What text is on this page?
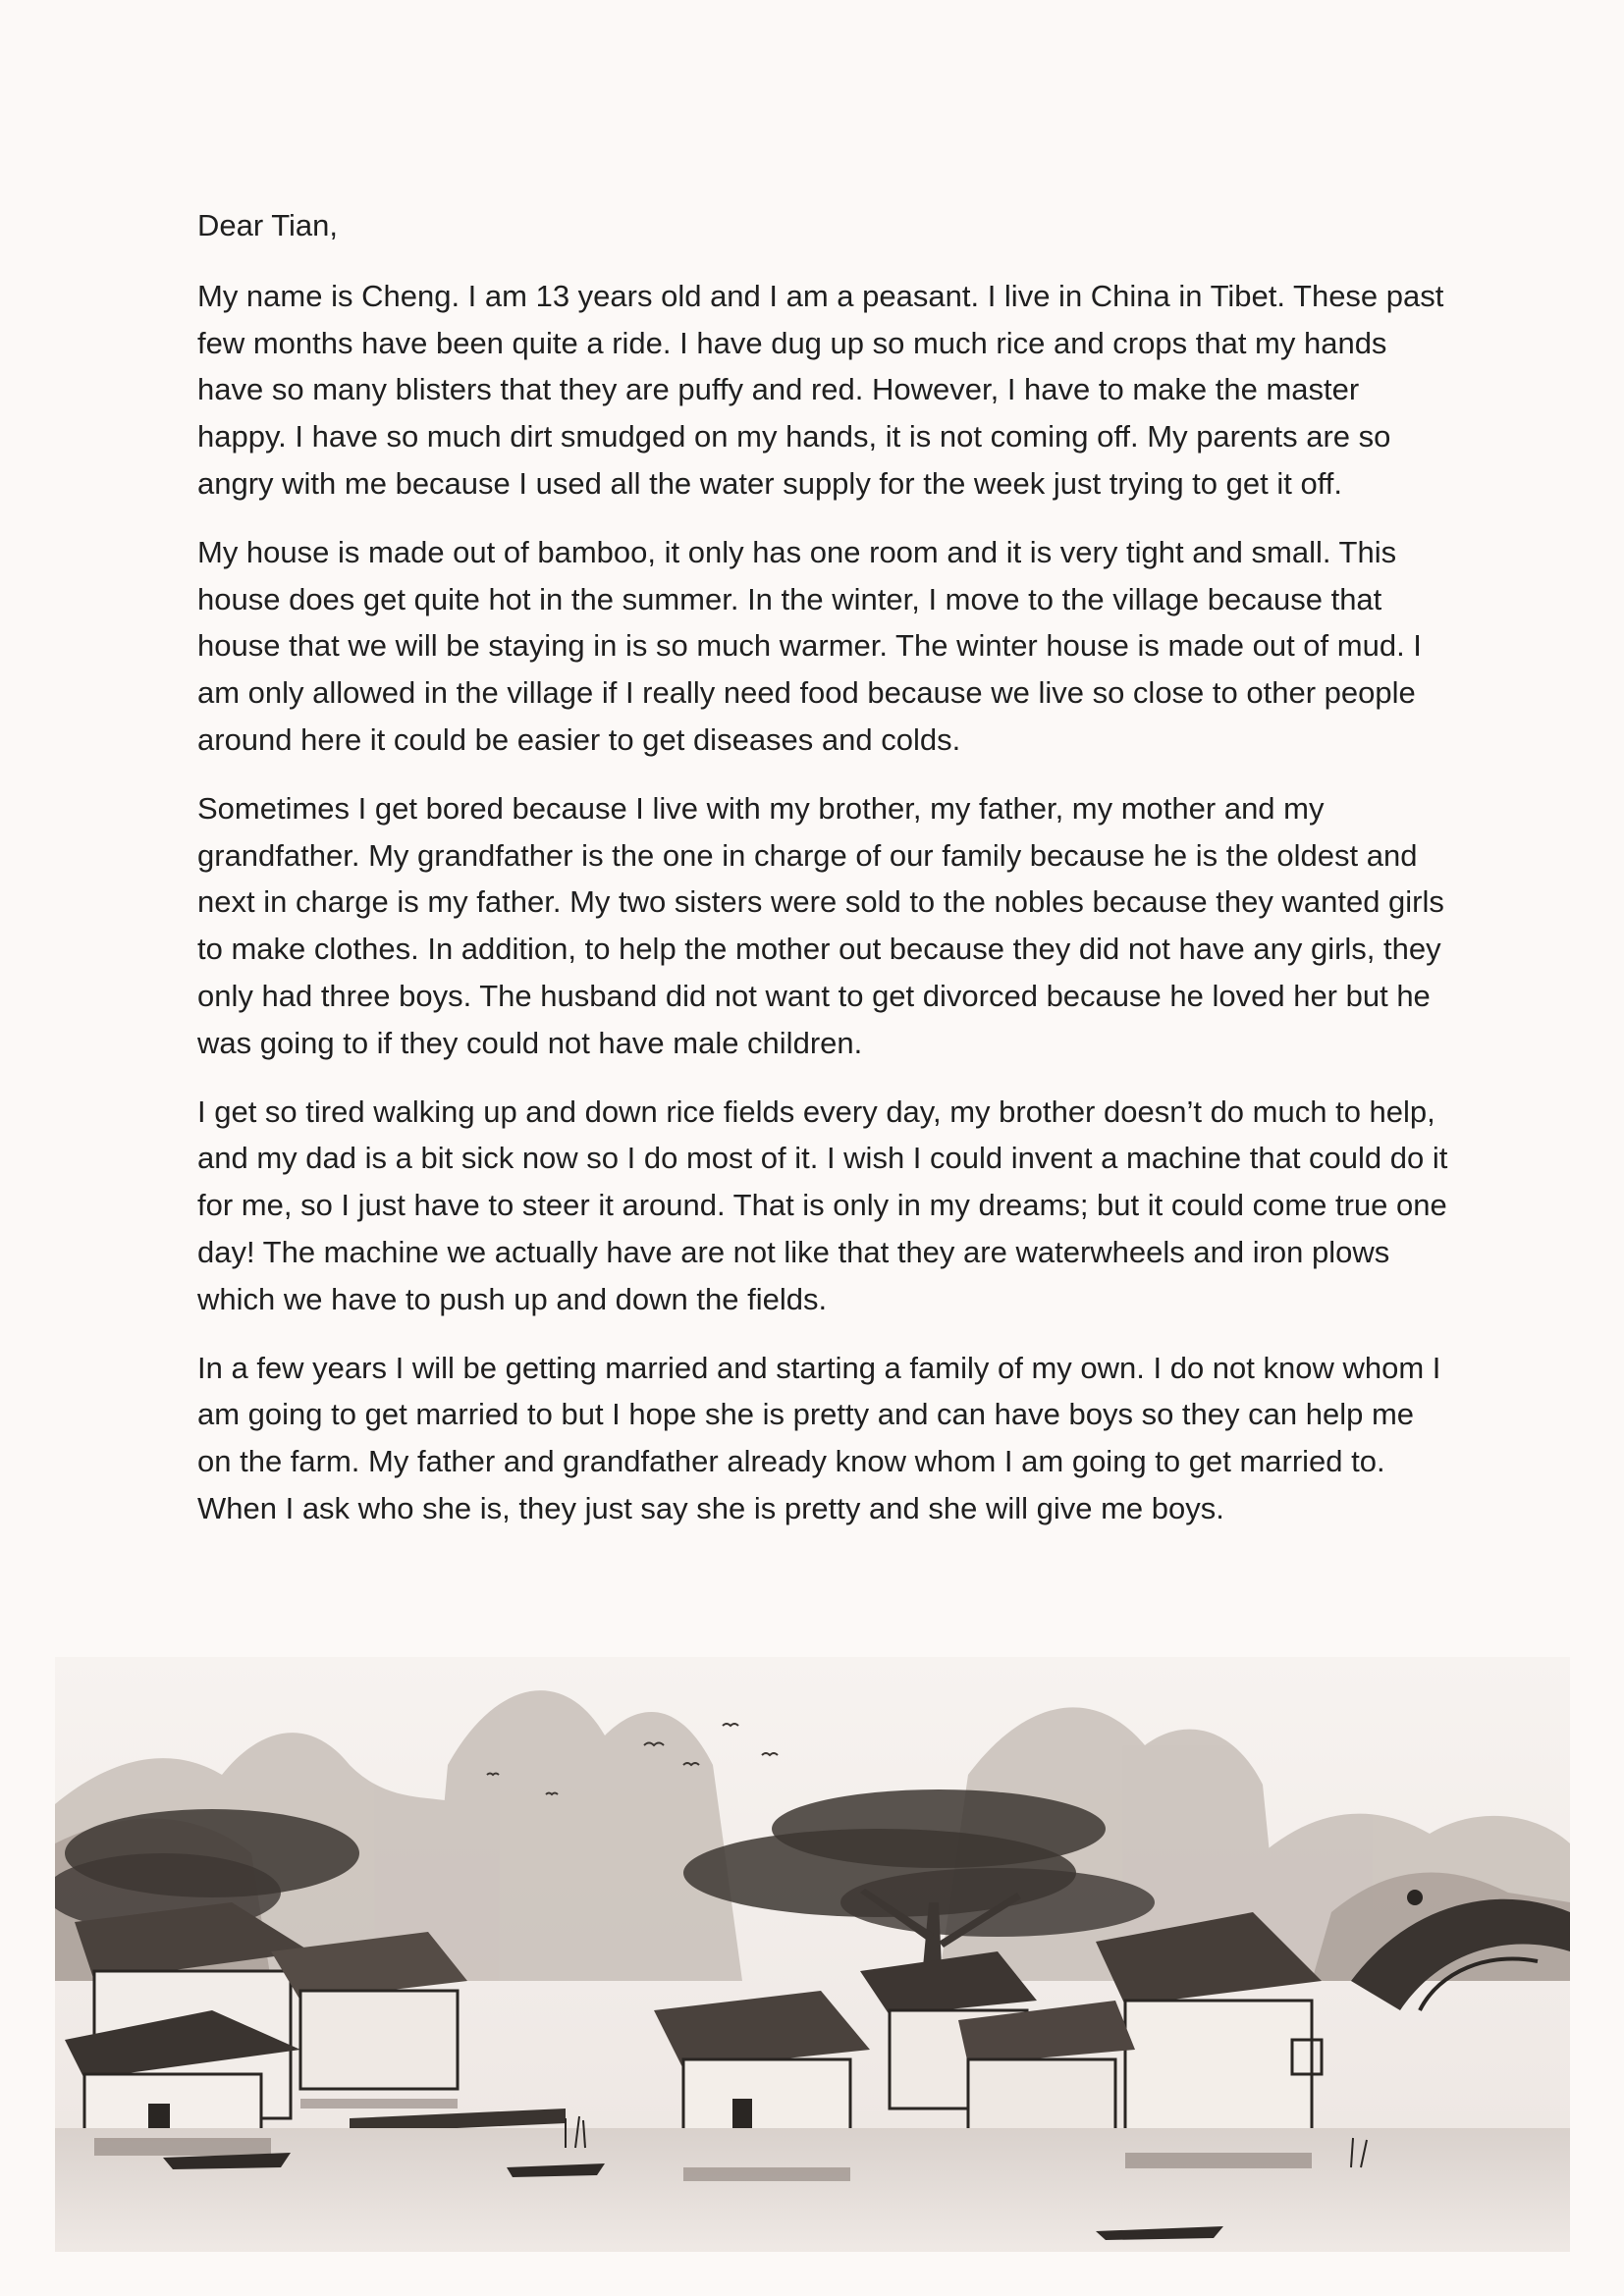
Dear Tian,

My name is Cheng. I am 13 years old and I am a peasant. I live in China in Tibet. These past few months have been quite a ride. I have dug up so much rice and crops that my hands have so many blisters that they are puffy and red. However, I have to make the master happy. I have so much dirt smudged on my hands, it is not coming off. My parents are so angry with me because I used all the water supply for the week just trying to get it off.

My house is made out of bamboo, it only has one room and it is very tight and small. This house does get quite hot in the summer. In the winter, I move to the village because that house that we will be staying in is so much warmer. The winter house is made out of mud. I am only allowed in the village if I really need food because we live so close to other people around here it could be easier to get diseases and colds.

Sometimes I get bored because I live with my brother, my father, my mother and my grandfather. My grandfather is the one in charge of our family because he is the oldest and next in charge is my father. My two sisters were sold to the nobles because they wanted girls to make clothes. In addition, to help the mother out because they did not have any girls, they only had three boys. The husband did not want to get divorced because he loved her but he was going to if they could not have male children.

I get so tired walking up and down rice fields every day, my brother doesn’t do much to help, and my dad is a bit sick now so I do most of it. I wish I could invent a machine that could do it for me, so I just have to steer it around. That is only in my dreams; but it could come true one day! The machine we actually have are not like that they are waterwheels and iron plows which we have to push up and down the fields.

In a few years I will be getting married and starting a family of my own. I do not know whom I am going to get married to but I hope she is pretty and can have boys so they can help me on the farm. My father and grandfather already know whom I am going to get married to. When I ask who she is, they just say she is pretty and she will give me boys.
